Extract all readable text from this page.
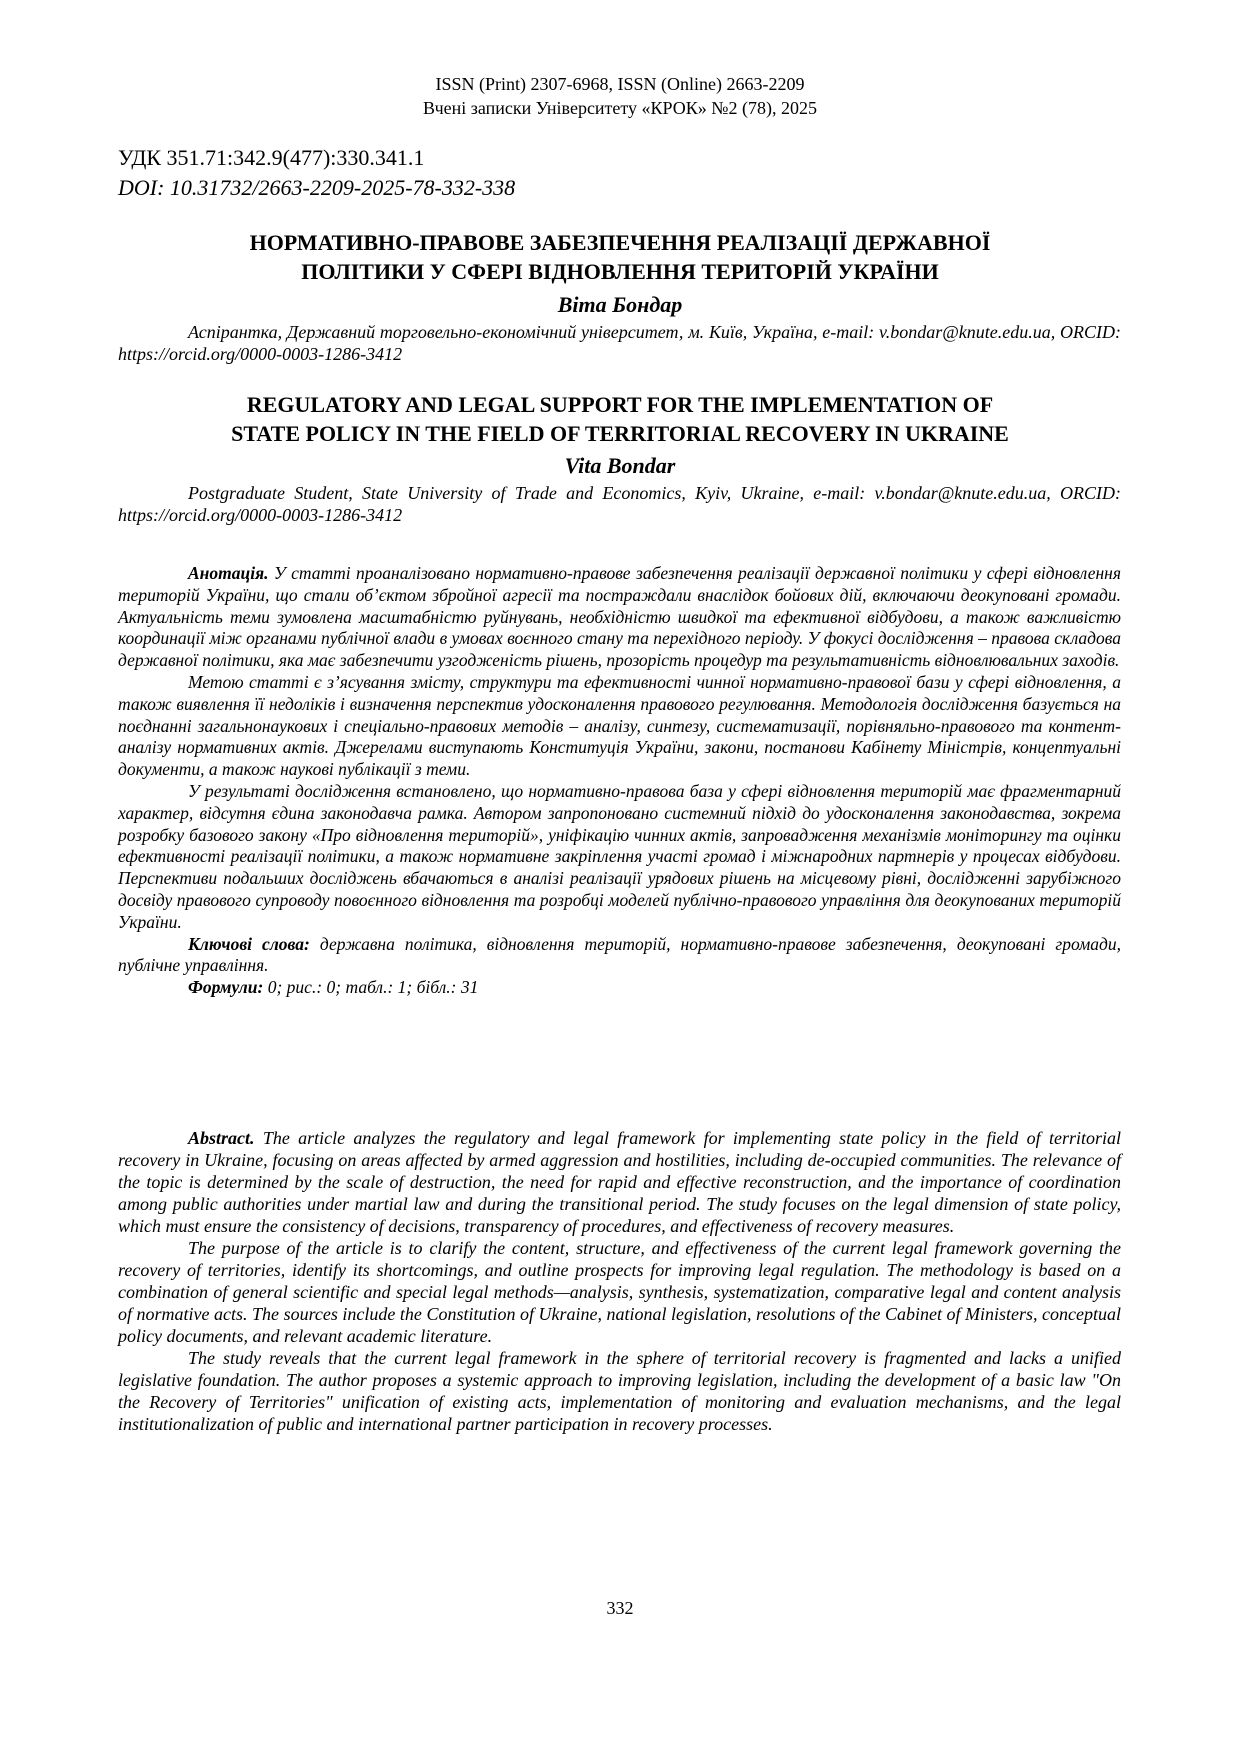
ISSN (Print) 2307-6968, ISSN (Online) 2663-2209
Вчені записки Університету «КРОК» №2 (78), 2025
УДК 351.71:342.9(477):330.341.1
DOI: 10.31732/2663-2209-2025-78-332-338
НОРМАТИВНО-ПРАВОВЕ ЗАБЕЗПЕЧЕННЯ РЕАЛІЗАЦІЇ ДЕРЖАВНОЇ
ПОЛІТИКИ У СФЕРІ ВІДНОВЛЕННЯ ТЕРИТОРІЙ УКРАЇНИ
Віта Бондар
Аспірантка, Державний торговельно-економічний університет, м. Київ, Україна, e-mail: v.bondar@knute.edu.ua, ORCID: https://orcid.org/0000-0003-1286-3412
REGULATORY AND LEGAL SUPPORT FOR THE IMPLEMENTATION OF
STATE POLICY IN THE FIELD OF TERRITORIAL RECOVERY IN UKRAINE
Vita Bondar
Postgraduate Student, State University of Trade and Economics, Kyiv, Ukraine, e-mail: v.bondar@knute.edu.ua, ORCID: https://orcid.org/0000-0003-1286-3412

Анотація. У статті проаналізовано нормативно-правове забезпечення реалізації державної політики у сфері відновлення територій України, що стали об’єктом збройної агресії та постраждали внаслідок бойових дій, включаючи деокуповані громади. Актуальність теми зумовлена масштабністю руйнувань, необхідністю швидкої та ефективної відбудови, а також важливістю координації між органами публічної влади в умовах воєнного стану та перехідного періоду. У фокусі дослідження – правова складова державної політики, яка має забезпечити узгодженість рішень, прозорість процедур та результативність відновлювальних заходів.

Метою статті є з’ясування змісту, структури та ефективності чинної нормативно-правової бази у сфері відновлення, а також виявлення її недоліків і визначення перспектив удосконалення правового регулювання. Методологія дослідження базується на поєднанні загальнонаукових і спеціально-правових методів – аналізу, синтезу, систематизації, порівняльно-правового та контент-аналізу нормативних актів. Джерелами виступають Конституція України, закони, постанови Кабінету Міністрів, концептуальні документи, а також наукові публікації з теми.

У результаті дослідження встановлено, що нормативно-правова база у сфері відновлення територій має фрагментарний характер, відсутня єдина законодавча рамка. Автором запропоновано системний підхід до удосконалення законодавства, зокрема розробку базового закону «Про відновлення територій», уніфікацію чинних актів, запровадження механізмів моніторингу та оцінки ефективності реалізації політики, а також нормативне закріплення участі громад і міжнародних партнерів у процесах відбудови. Перспективи подальших досліджень вбачаються в аналізі реалізації урядових рішень на місцевому рівні, дослідженні зарубіжного досвіду правового супроводу повоєнного відновлення та розробці моделей публічно-правового управління для деокупованих територій України.

Ключові слова: державна політика, відновлення територій, нормативно-правове забезпечення, деокуповані громади, публічне управління.

Формули: 0; рис.: 0; табл.: 1; бібл.: 31

Abstract. The article analyzes the regulatory and legal framework for implementing state policy in the field of territorial recovery in Ukraine, focusing on areas affected by armed aggression and hostilities, including de-occupied communities. The relevance of the topic is determined by the scale of destruction, the need for rapid and effective reconstruction, and the importance of coordination among public authorities under martial law and during the transitional period. The study focuses on the legal dimension of state policy, which must ensure the consistency of decisions, transparency of procedures, and effectiveness of recovery measures.

The purpose of the article is to clarify the content, structure, and effectiveness of the current legal framework governing the recovery of territories, identify its shortcomings, and outline prospects for improving legal regulation. The methodology is based on a combination of general scientific and special legal methods—analysis, synthesis, systematization, comparative legal and content analysis of normative acts. The sources include the Constitution of Ukraine, national legislation, resolutions of the Cabinet of Ministers, conceptual policy documents, and relevant academic literature.

The study reveals that the current legal framework in the sphere of territorial recovery is fragmented and lacks a unified legislative foundation. The author proposes a systemic approach to improving legislation, including the development of a basic law "On the Recovery of Territories" unification of existing acts, implementation of monitoring and evaluation mechanisms, and the legal institutionalization of public and international partner participation in recovery processes.

332
